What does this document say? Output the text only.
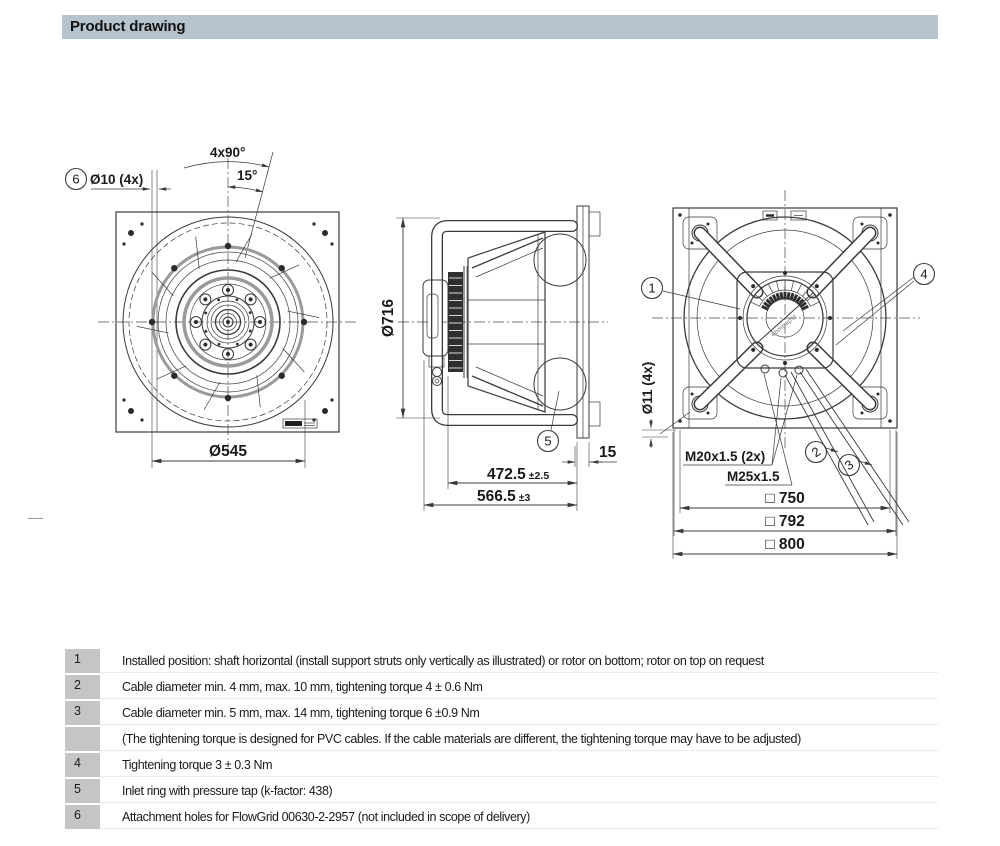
Product drawing
Ø545
6 Ø10 (4x)
4x90°
15°
Ø716
472.5 ±2.5
566.5 ±3
15
5
ebmpapst
1
4
2
3
M20x1.5 (2x)
M25x1.5
Ø11 (4x)
□ 750
□ 792
□ 800
1	Installed position: shaft horizontal (install support struts only vertically as illustrated) or rotor on bottom; rotor on top on request
2	Cable diameter min. 4 mm, max. 10 mm, tightening torque 4 ± 0.6 Nm
3	Cable diameter min. 5 mm, max. 14 mm, tightening torque 6 ±0.9 Nm
(The tightening torque is designed for PVC cables. If the cable materials are different, the tightening torque may have to be adjusted)
4	Tightening torque 3 ± 0.3 Nm
5	Inlet ring with pressure tap (k-factor: 438)
6	Attachment holes for FlowGrid 00630-2-2957 (not included in scope of delivery)
